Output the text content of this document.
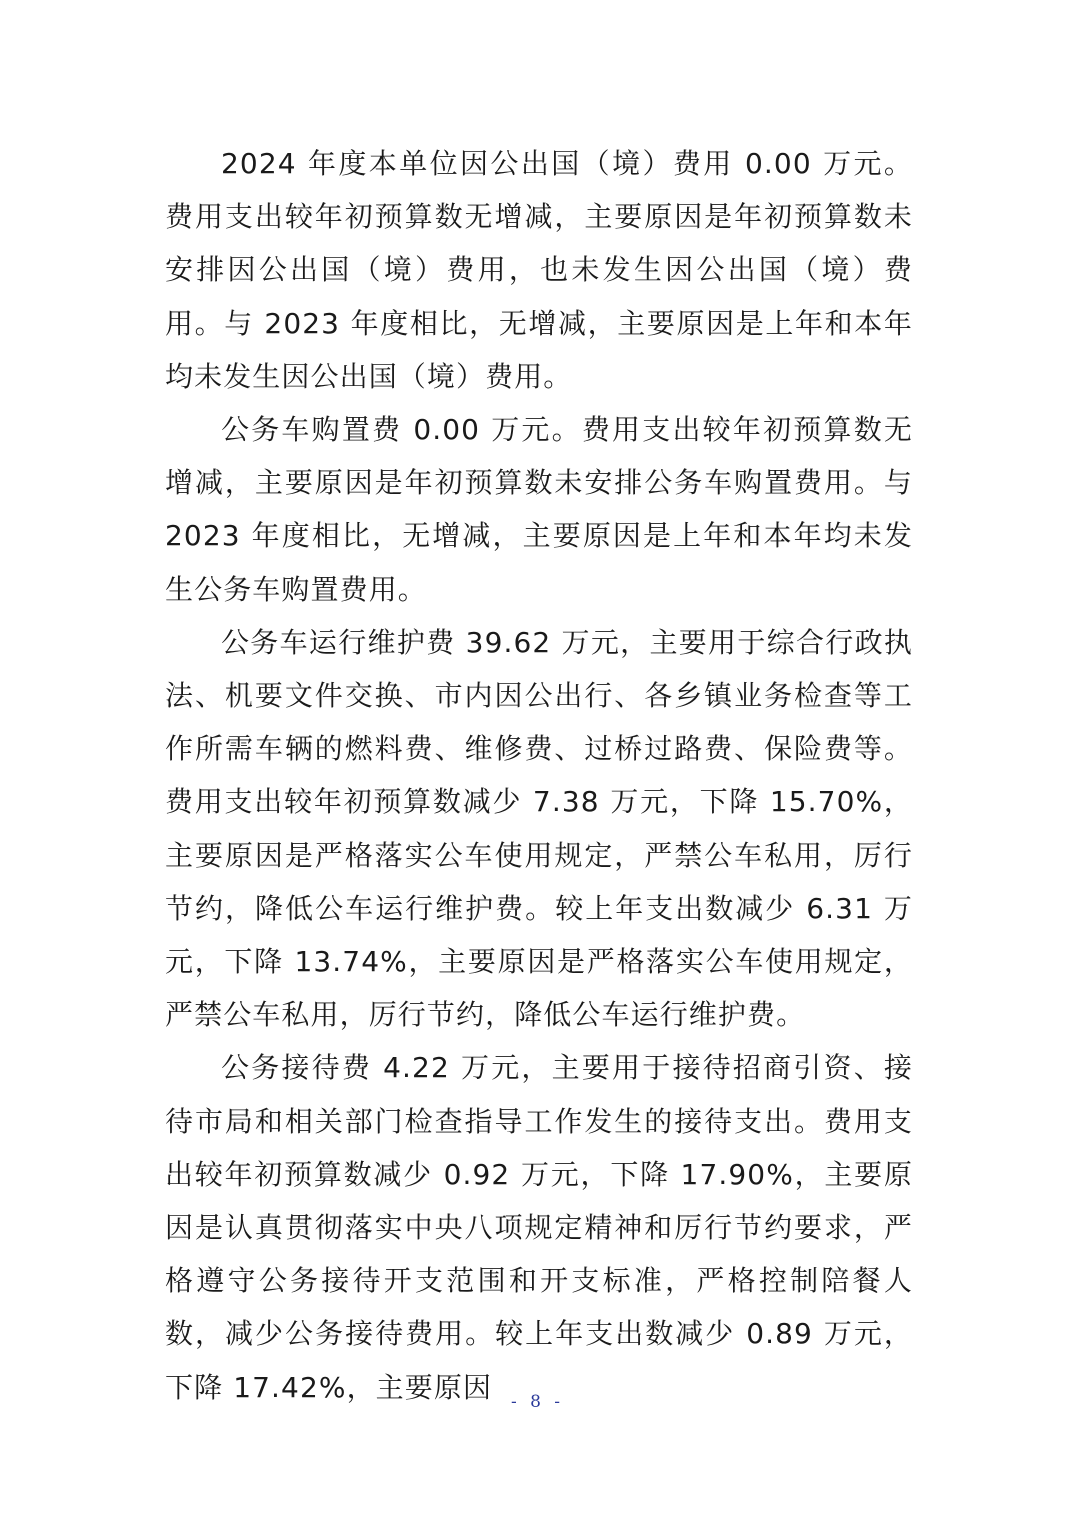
2024 年度本单位因公出国（境）费用 0.00 万元。费用支出较年初预算数无增减，主要原因是年初预算数未安排因公出国（境）费用，也未发生因公出国（境）费用。与 2023 年度相比，无增减，主要原因是上年和本年均未发生因公出国（境）费用。

公务车购置费 0.00 万元。费用支出较年初预算数无增减，主要原因是年初预算数未安排公务车购置费用。与 2023 年度相比，无增减，主要原因是上年和本年均未发生公务车购置费用。

公务车运行维护费 39.62 万元，主要用于综合行政执法、机要文件交换、市内因公出行、各乡镇业务检查等工作所需车辆的燃料费、维修费、过桥过路费、保险费等。费用支出较年初预算数减少 7.38 万元，下降 15.70%，主要原因是严格落实公车使用规定，严禁公车私用，厉行节约，降低公车运行维护费。较上年支出数减少 6.31 万元，下降 13.74%，主要原因是严格落实公车使用规定，严禁公车私用，厉行节约，降低公车运行维护费。

公务接待费 4.22 万元，主要用于接待招商引资、接待市局和相关部门检查指导工作发生的接待支出。费用支出较年初预算数减少 0.92 万元，下降 17.90%，主要原因是认真贯彻落实中央八项规定精神和厉行节约要求，严格遵守公务接待开支范围和开支标准，严格控制陪餐人数，减少公务接待费用。较上年支出数减少 0.89 万元，下降 17.42%，主要原因	- 8 -
